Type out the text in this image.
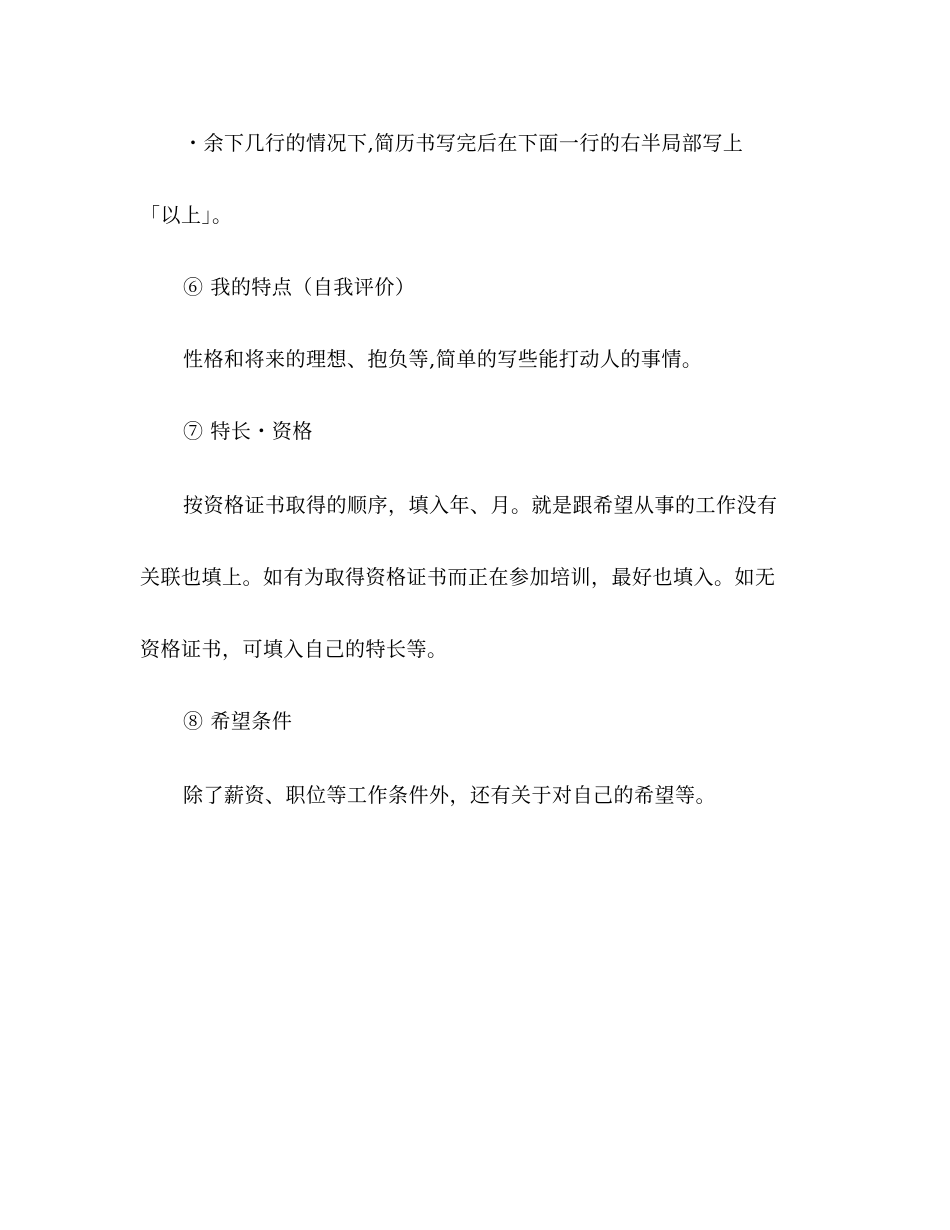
・余下几行的情况下,简历书写完后在下面一行的右半局部写上
「以上」。
⑥ 我的特点（自我评价）
性格和将来的理想、抱负等,简单的写些能打动人的事情。
⑦ 特长・资格
按资格证书取得的顺序，填入年、月。就是跟希望从事的工作没有
关联也填上。如有为取得资格证书而正在参加培训，最好也填入。如无
资格证书，可填入自己的特长等。
⑧ 希望条件
除了薪资、职位等工作条件外，还有关于对自己的希望等。
